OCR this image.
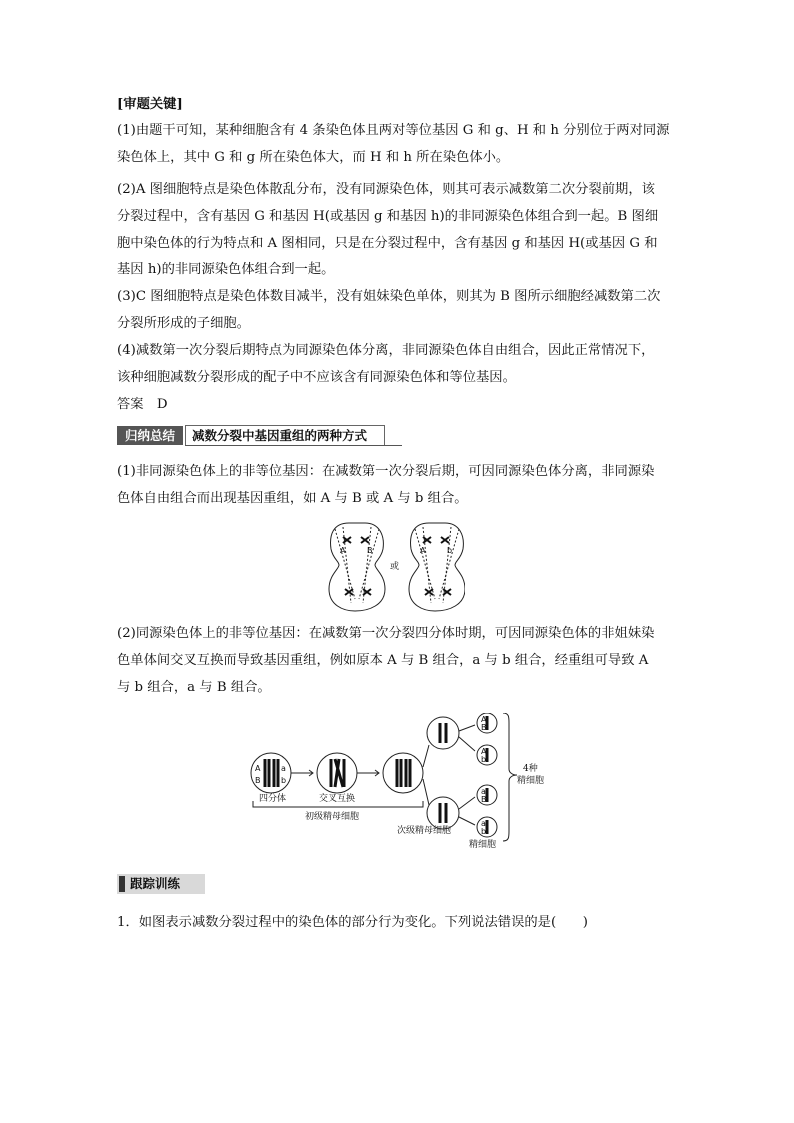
[审题关键]
(1)由题干可知，某种细胞含有 4 条染色体且两对等位基因 G 和 g、H 和 h 分别位于两对同源
染色体上，其中 G 和 g 所在染色体大，而 H 和 h 所在染色体小。
(2)A 图细胞特点是染色体散乱分布，没有同源染色体，则其可表示减数第二次分裂前期，该
分裂过程中，含有基因 G 和基因 H(或基因 g 和基因 h)的非同源染色体组合到一起。B 图细
胞中染色体的行为特点和 A 图相同，只是在分裂过程中，含有基因 g 和基因 H(或基因 G 和
基因 h)的非同源染色体组合到一起。
(3)C 图细胞特点是染色体数目减半，没有姐妹染色单体，则其为 B 图所示细胞经减数第二次
分裂所形成的子细胞。
(4)减数第一次分裂后期特点为同源染色体分离，非同源染色体自由组合，因此正常情况下，
该种细胞减数分裂形成的配子中不应该含有同源染色体和等位基因。
答案　D
归纳总结	减数分裂中基因重组的两种方式
(1)非同源染色体上的非等位基因：在减数第一次分裂后期，可因同源染色体分离，非同源染
色体自由组合而出现基因重组，如 A 与 B 或 A 与 b 组合。
A	B
或
A	b
(2)同源染色体上的非等位基因：在减数第一次分裂四分体时期，可因同源染色体的非姐妹染
色单体间交叉互换而导致基因重组，例如原本 A 与 B 组合，a 与 b 组合，经重组可导致 A
与 b 组合，a 与 B 组合。
A
B
a
b
A
B
A
b
a
B
a
b
四分体	交叉互换
初级精母细胞
次级精母细胞
精细胞
4种
精细胞
跟踪训练
1．如图表示减数分裂过程中的染色体的部分行为变化。下列说法错误的是(　　)
